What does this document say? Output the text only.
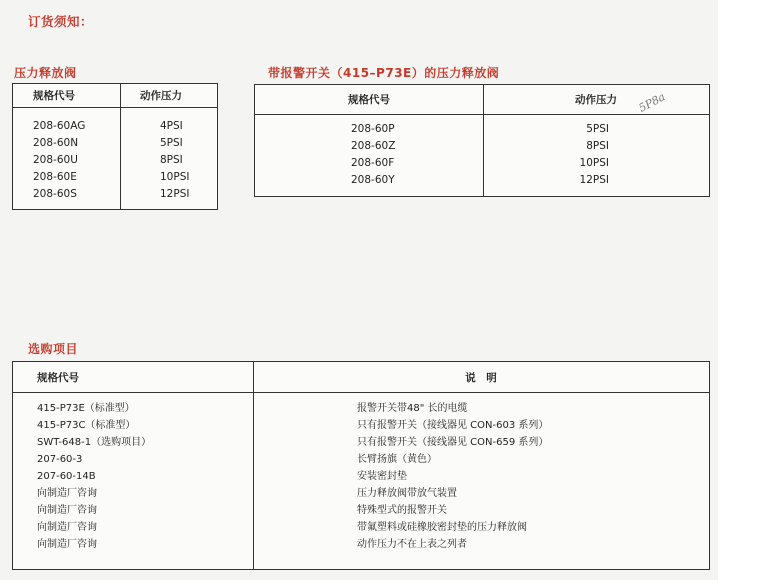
订货须知：
压力释放阀
规格代号	动作压力
208-60AG	4PSI
208-60N	5PSI
208-60U	8PSI
208-60E	10PSI
208-60S	12PSI
带报警开关（415–P73E）的压力释放阀
规格代号	动作压力
208-60P	5PSI
208-60Z	8PSI
208-60F	10PSI
208-60Y	12PSI
5P8a
选购项目
规格代号	说　明
415-P73E（标准型）	报警开关带48" 长的电缆
415-P73C（标准型）	只有报警开关（接线器见 CON-603 系列）
SWT-648-1（选购项目）	只有报警开关（接线器见 CON-659 系列）
207-60-3	长臂扬旗（黄色）
207-60-14B	安装密封垫
向制造厂咨询	压力释放阀带放气装置
向制造厂咨询	特殊型式的报警开关
向制造厂咨询	带氟塑料或硅橡胶密封垫的压力释放阀
向制造厂咨询	动作压力不在上表之列者
